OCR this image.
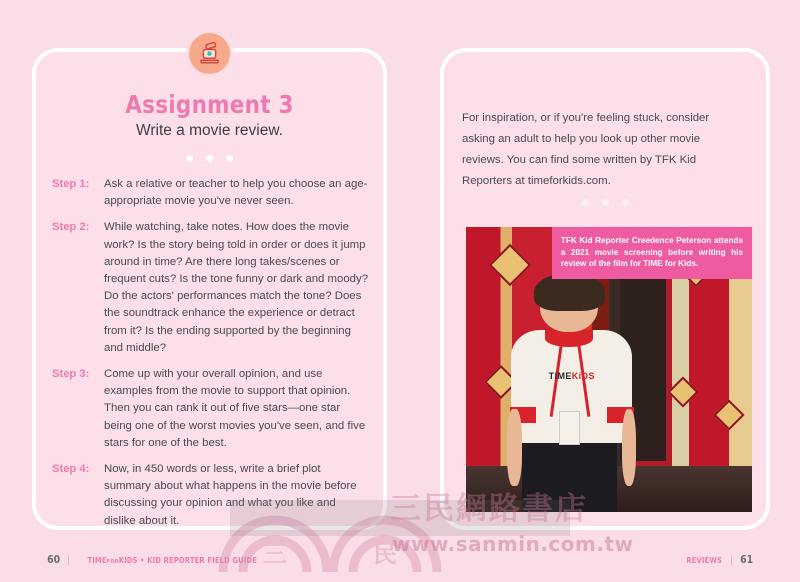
Assignment 3
Write a movie review.
Step 1:	Ask a relative or teacher to help you choose an age-appropriate movie you've never seen.
Step 2:	While watching, take notes. How does the movie work? Is the story being told in order or does it jump around in time? Are there long takes/scenes or frequent cuts? Is the tone funny or dark and moody? Do the actors' performances match the tone? Does the soundtrack enhance the experience or detract from it? Is the ending supported by the beginning and middle?
Step 3:	Come up with your overall opinion, and use examples from the movie to support that opinion. Then you can rank it out of five stars—one star being one of the worst movies you've seen, and five stars for one of the best.
Step 4:	Now, in 450 words or less, write a brief plot summary about what happens in the movie before discussing your opinion and what you like and dislike about it.
For inspiration, or if you're feeling stuck, consider asking an adult to help you look up other movie reviews. You can find some written by TFK Kid Reporters at timeforkids.com.
TIMEKiDS
TFK Kid Reporter Creedence Peterson attends a 2021 movie screening before writing his review of the film for TIME for Kids.
60 | TIMEFORKIDS • KID REPORTER FIELD GUIDE	REVIEWS | 61
三	民
三民網路書店
www.sanmin.com.tw
